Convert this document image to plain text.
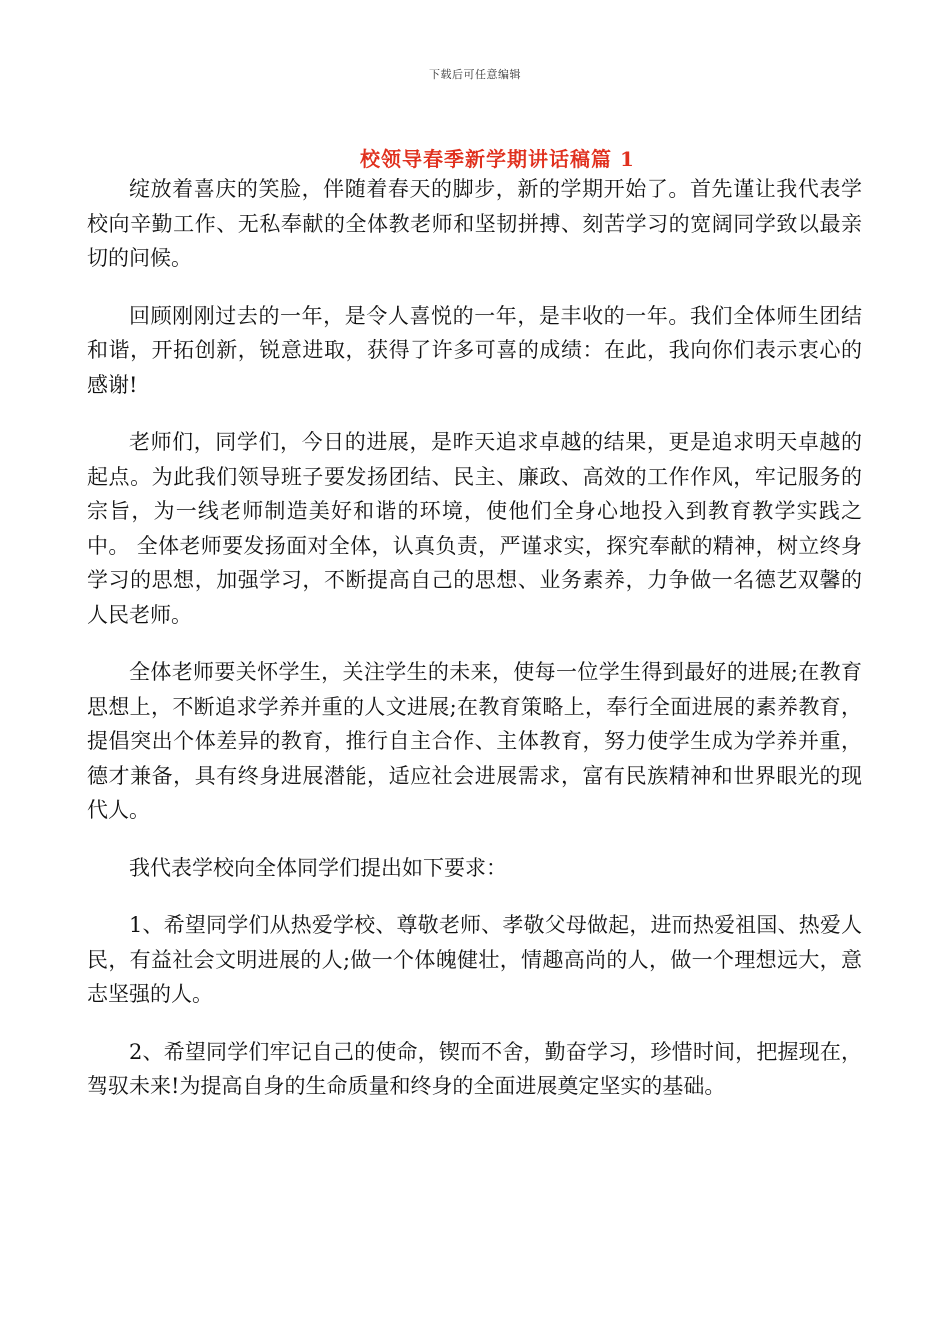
下载后可任意编辑
校领导春季新学期讲话稿篇 1

绽放着喜庆的笑脸，伴随着春天的脚步，新的学期开始了。首先谨让我代表学校向辛勤工作、无私奉献的全体教老师和坚韧拼搏、刻苦学习的宽阔同学致以最亲切的问候。

回顾刚刚过去的一年，是令人喜悦的一年，是丰收的一年。我们全体师生团结和谐，开拓创新，锐意进取，获得了许多可喜的成绩：在此，我向你们表示衷心的感谢!

老师们，同学们，今日的进展，是昨天追求卓越的结果，更是追求明天卓越的起点。为此我们领导班子要发扬团结、民主、廉政、高效的工作作风，牢记服务的宗旨，为一线老师制造美好和谐的环境，使他们全身心地投入到教育教学实践之中。 全体老师要发扬面对全体，认真负责，严谨求实，探究奉献的精神，树立终身学习的思想，加强学习，不断提高自己的思想、业务素养，力争做一名德艺双馨的人民老师。

全体老师要关怀学生，关注学生的未来，使每一位学生得到最好的进展;在教育思想上，不断追求学养并重的人文进展;在教育策略上，奉行全面进展的素养教育，提倡突出个体差异的教育，推行自主合作、主体教育，努力使学生成为学养并重，德才兼备，具有终身进展潜能，适应社会进展需求，富有民族精神和世界眼光的现代人。

我代表学校向全体同学们提出如下要求：

1、希望同学们从热爱学校、尊敬老师、孝敬父母做起，进而热爱祖国、热爱人民，有益社会文明进展的人;做一个体魄健壮，情趣高尚的人，做一个理想远大，意志坚强的人。

2、希望同学们牢记自己的使命，锲而不舍，勤奋学习，珍惜时间，把握现在，驾驭未来!为提高自身的生命质量和终身的全面进展奠定坚实的基础。
